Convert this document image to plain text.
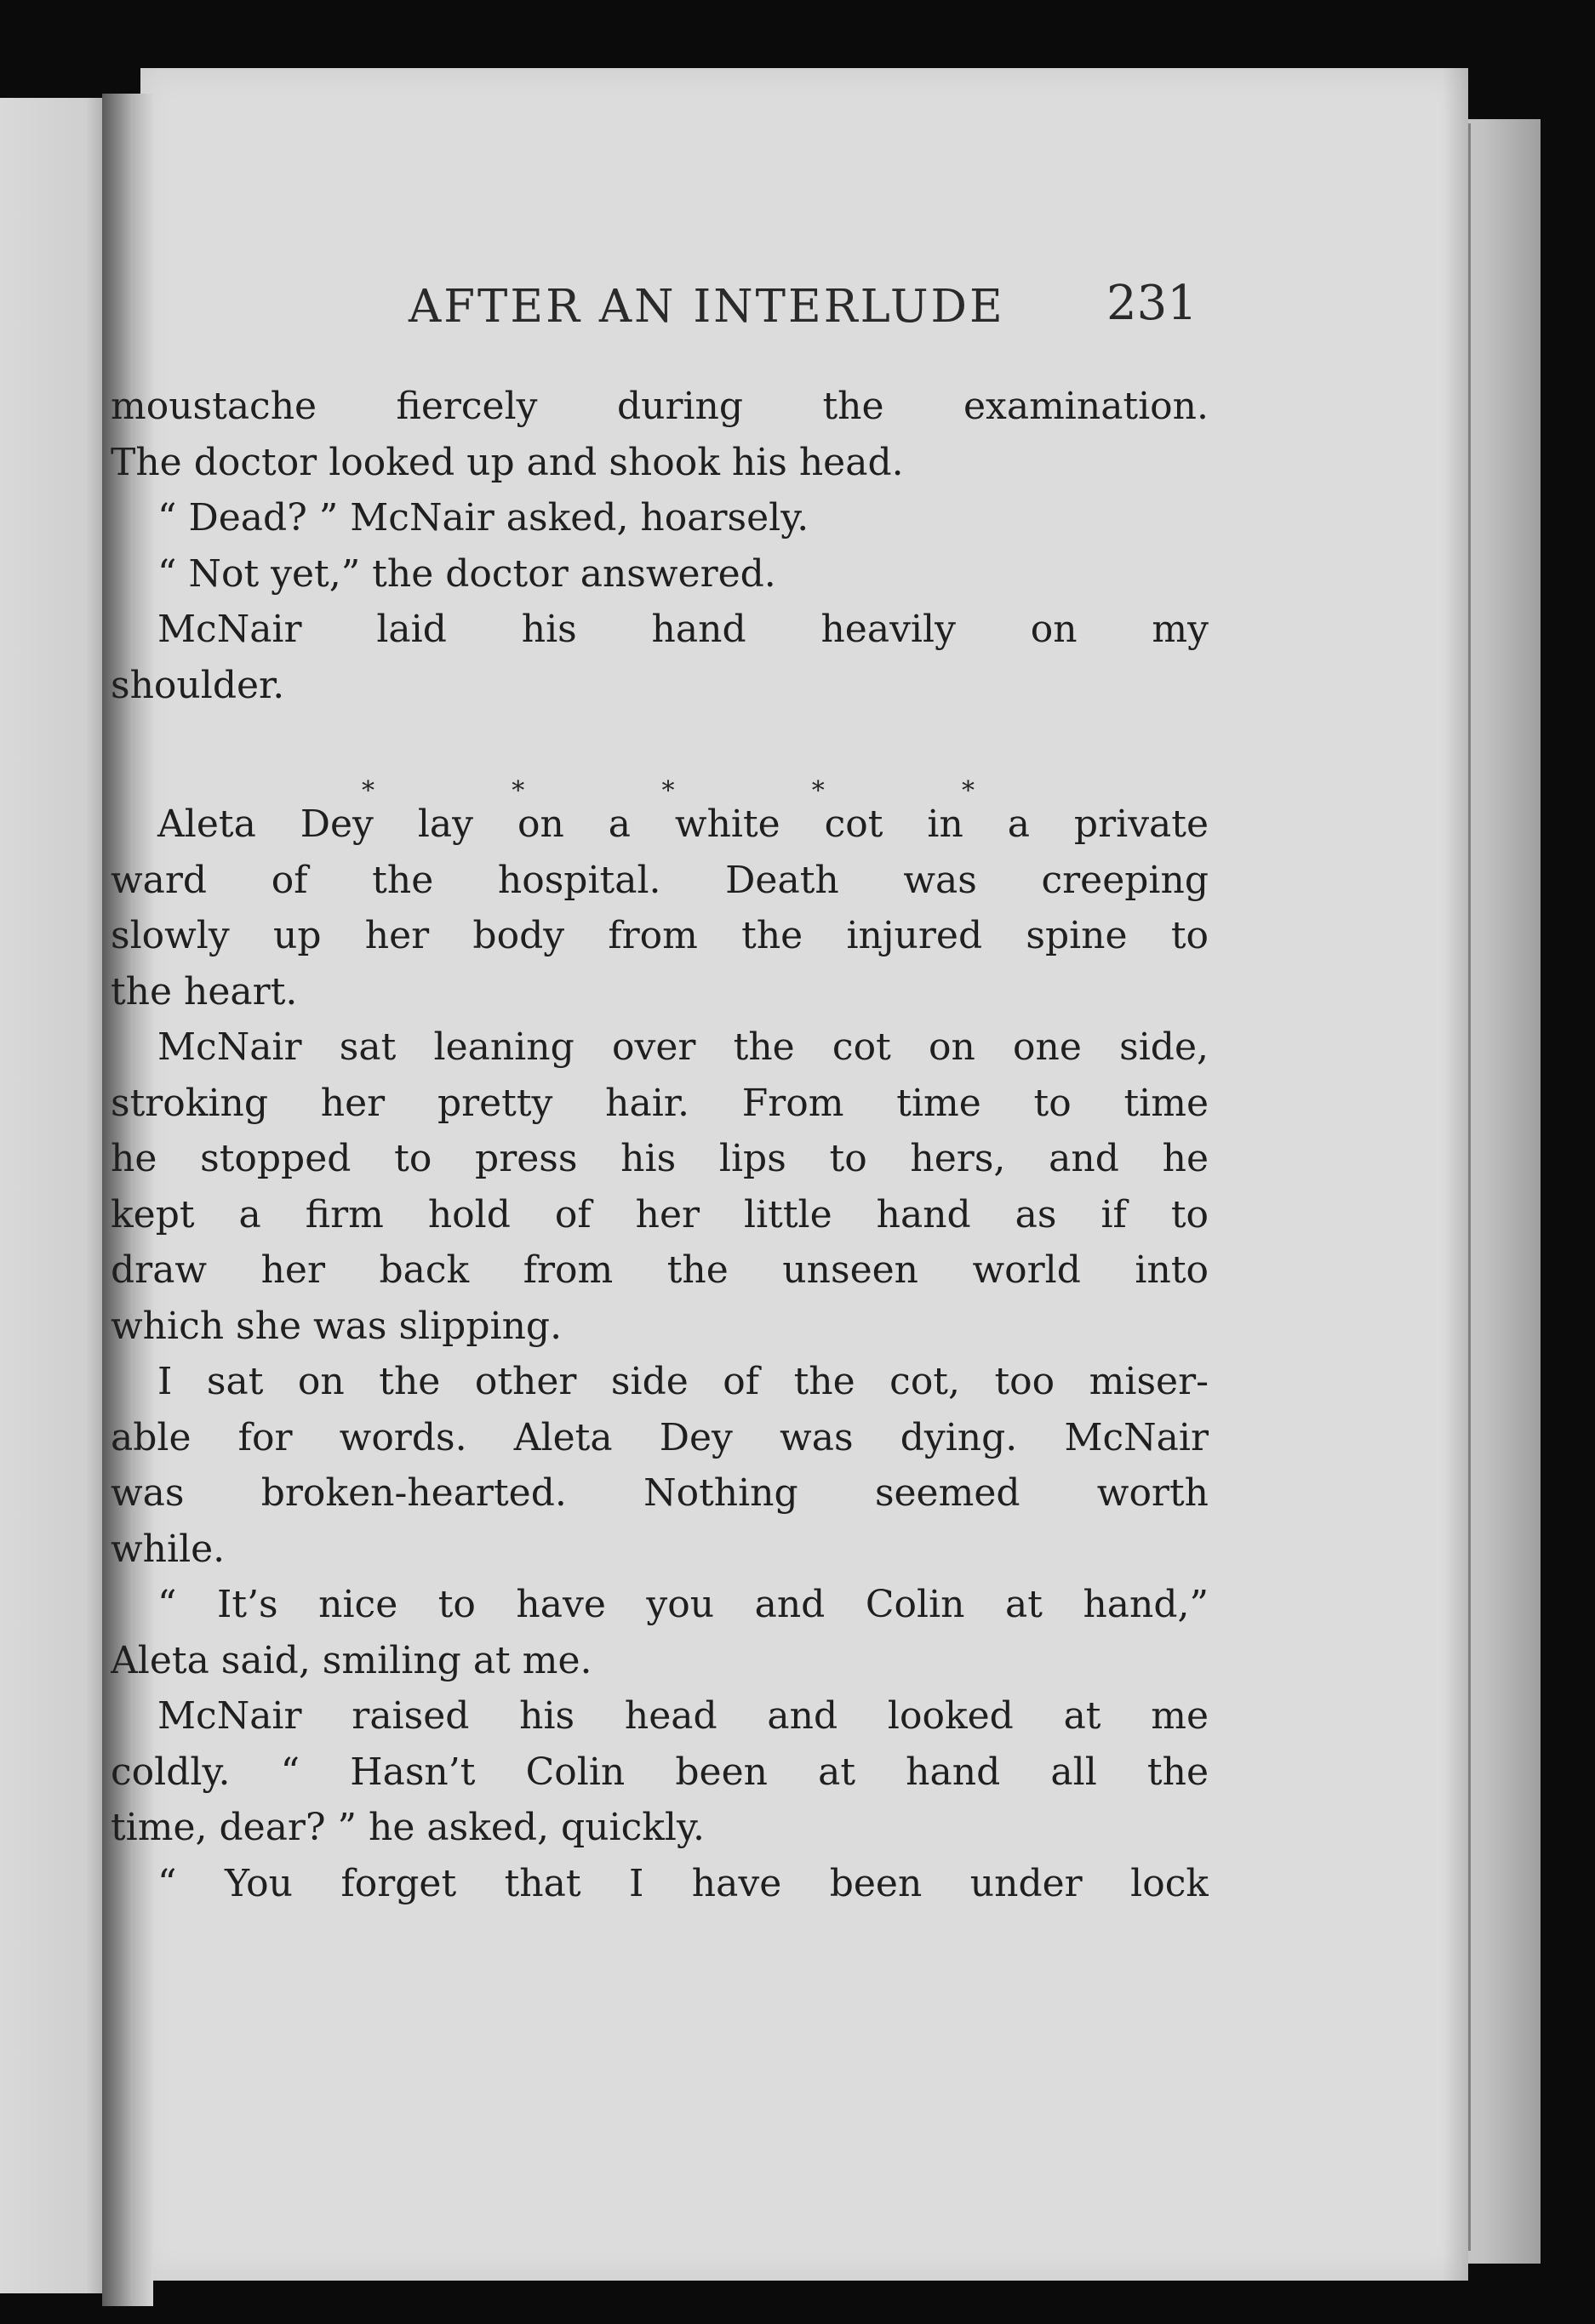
AFTER AN INTERLUDE 231
moustache fiercely during the examination.
The doctor looked up and shook his head.
“ Dead? ” McNair asked, hoarsely.
“ Not yet,” the doctor answered.
McNair laid his hand heavily on my
shoulder.
Aleta Dey lay on a white cot in a private
ward of the hospital. Death was creeping
slowly up her body from the injured spine to
the heart.
McNair sat leaning over the cot on one side,
stroking her pretty hair. From time to time
he stopped to press his lips to hers, and he
kept a firm hold of her little hand as if to
draw her back from the unseen world into
which she was slipping.
I sat on the other side of the cot, too miser-
able for words. Aleta Dey was dying. McNair
was broken-hearted. Nothing seemed worth
while.
“ It’s nice to have you and Colin at hand,”
Aleta said, smiling at me.
McNair raised his head and looked at me
coldly. “ Hasn’t Colin been at hand all the
time, dear? ” he asked, quickly.
“ You forget that I have been under lock
*	*	*	*	*
